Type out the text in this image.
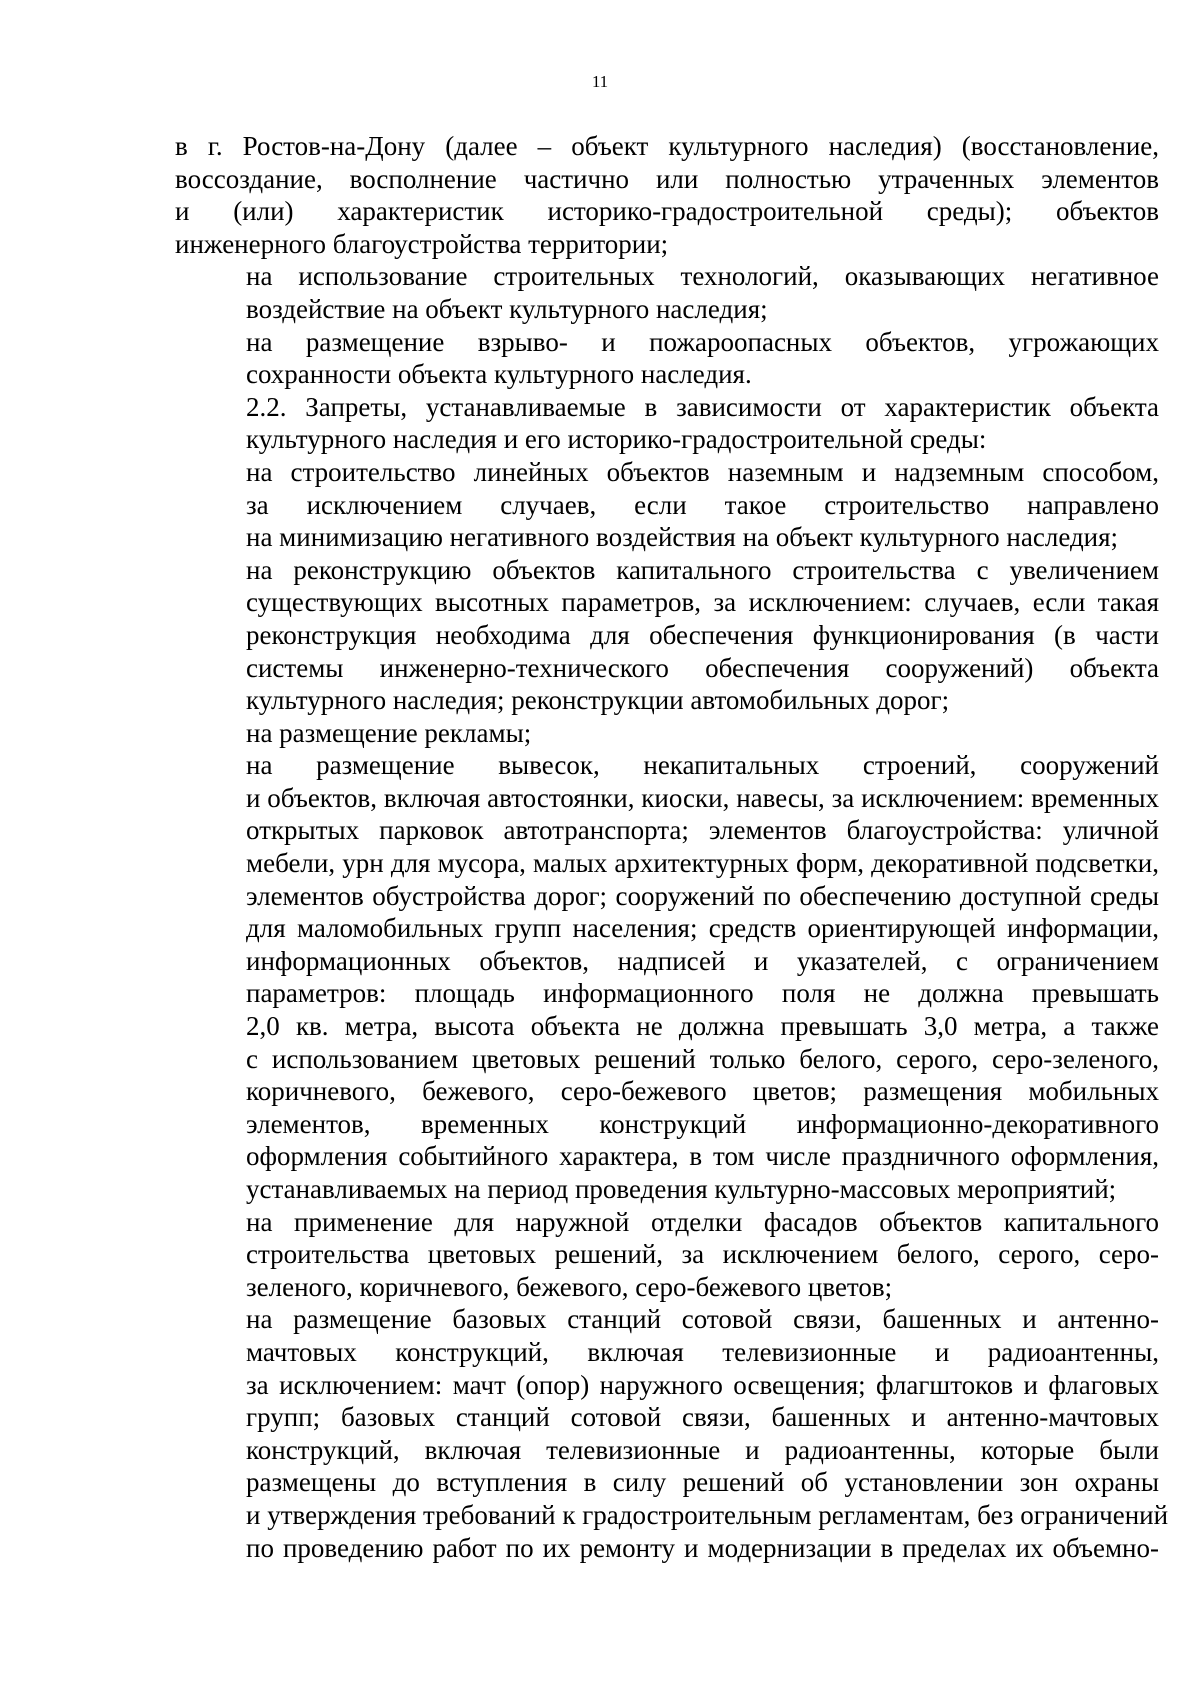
11

в г. Ростов-на-Дону (далее – объект культурного наследия) (восстановление,
воссоздание, восполнение частично или полностью утраченных элементов
и (или) характеристик историко-градостроительной среды); объектов
инженерного благоустройства территории;

на использование строительных технологий, оказывающих негативное
воздействие на объект культурного наследия;

на размещение взрыво- и пожароопасных объектов, угрожающих
сохранности объекта культурного наследия.

2.2. Запреты, устанавливаемые в зависимости от характеристик объекта
культурного наследия и его историко-градостроительной среды:

на строительство линейных объектов наземным и надземным способом,
за исключением случаев, если такое строительство направлено
на минимизацию негативного воздействия на объект культурного наследия;

на реконструкцию объектов капитального строительства с увеличением
существующих высотных параметров, за исключением: случаев, если такая
реконструкция необходима для обеспечения функционирования (в части
системы инженерно-технического обеспечения сооружений) объекта
культурного наследия; реконструкции автомобильных дорог;

на размещение рекламы;

на размещение вывесок, некапитальных строений, сооружений
и объектов, включая автостоянки, киоски, навесы, за исключением: временных
открытых парковок автотранспорта; элементов благоустройства: уличной
мебели, урн для мусора, малых архитектурных форм, декоративной подсветки,
элементов обустройства дорог; сооружений по обеспечению доступной среды
для маломобильных групп населения; средств ориентирующей информации,
информационных объектов, надписей и указателей, с ограничением
параметров: площадь информационного поля не должна превышать
2,0 кв. метра, высота объекта не должна превышать 3,0 метра, а также
с использованием цветовых решений только белого, серого, серо-зеленого,
коричневого, бежевого, серо-бежевого цветов; размещения мобильных
элементов, временных конструкций информационно-декоративного
оформления событийного характера, в том числе праздничного оформления,
устанавливаемых на период проведения культурно-массовых мероприятий;

на применение для наружной отделки фасадов объектов капитального
строительства цветовых решений, за исключением белого, серого, серо-
зеленого, коричневого, бежевого, серо-бежевого цветов;

на размещение базовых станций сотовой связи, башенных и антенно-
мачтовых конструкций, включая телевизионные и радиоантенны,
за исключением: мачт (опор) наружного освещения; флагштоков и флаговых
групп; базовых станций сотовой связи, башенных и антенно-мачтовых
конструкций, включая телевизионные и радиоантенны, которые были
размещены до вступления в силу решений об установлении зон охраны
и утверждения требований к градостроительным регламентам, без ограничений
по проведению работ по их ремонту и модернизации в пределах их объемно-
